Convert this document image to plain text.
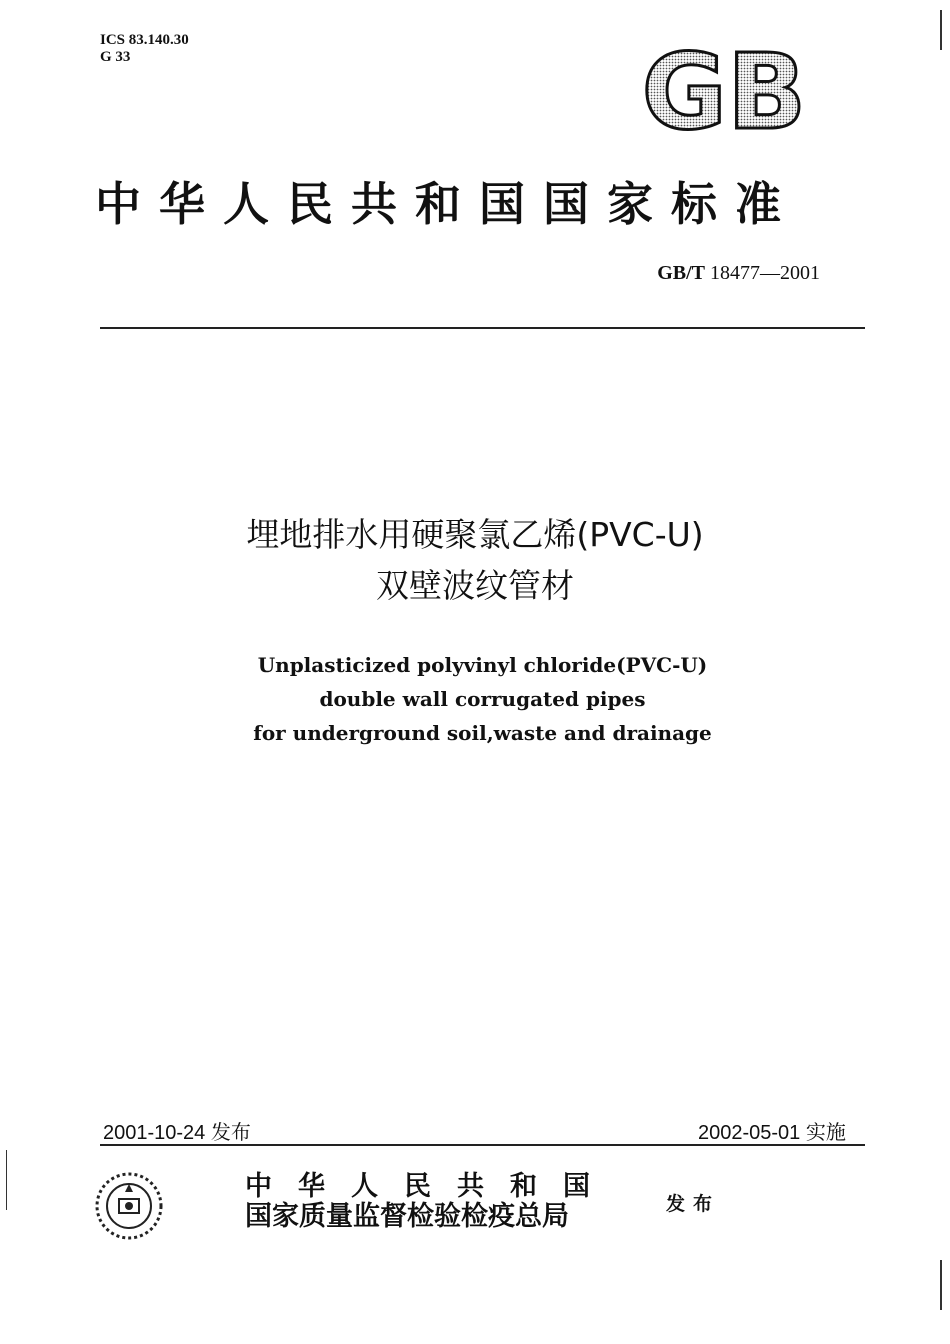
ICS 83.140.30
G 33	GB
中华人民共和国国家标准
GB/T 18477—2001
埋地排水用硬聚氯乙烯(PVC-U)
双壁波纹管材
Unplasticized polyvinyl chloride(PVC-U)
double wall corrugated pipes
for underground soil,waste and drainage
2001-10-24 发布	2002-05-01 实施
中华人民共和国
国家质量监督检验检疫总局	发布
